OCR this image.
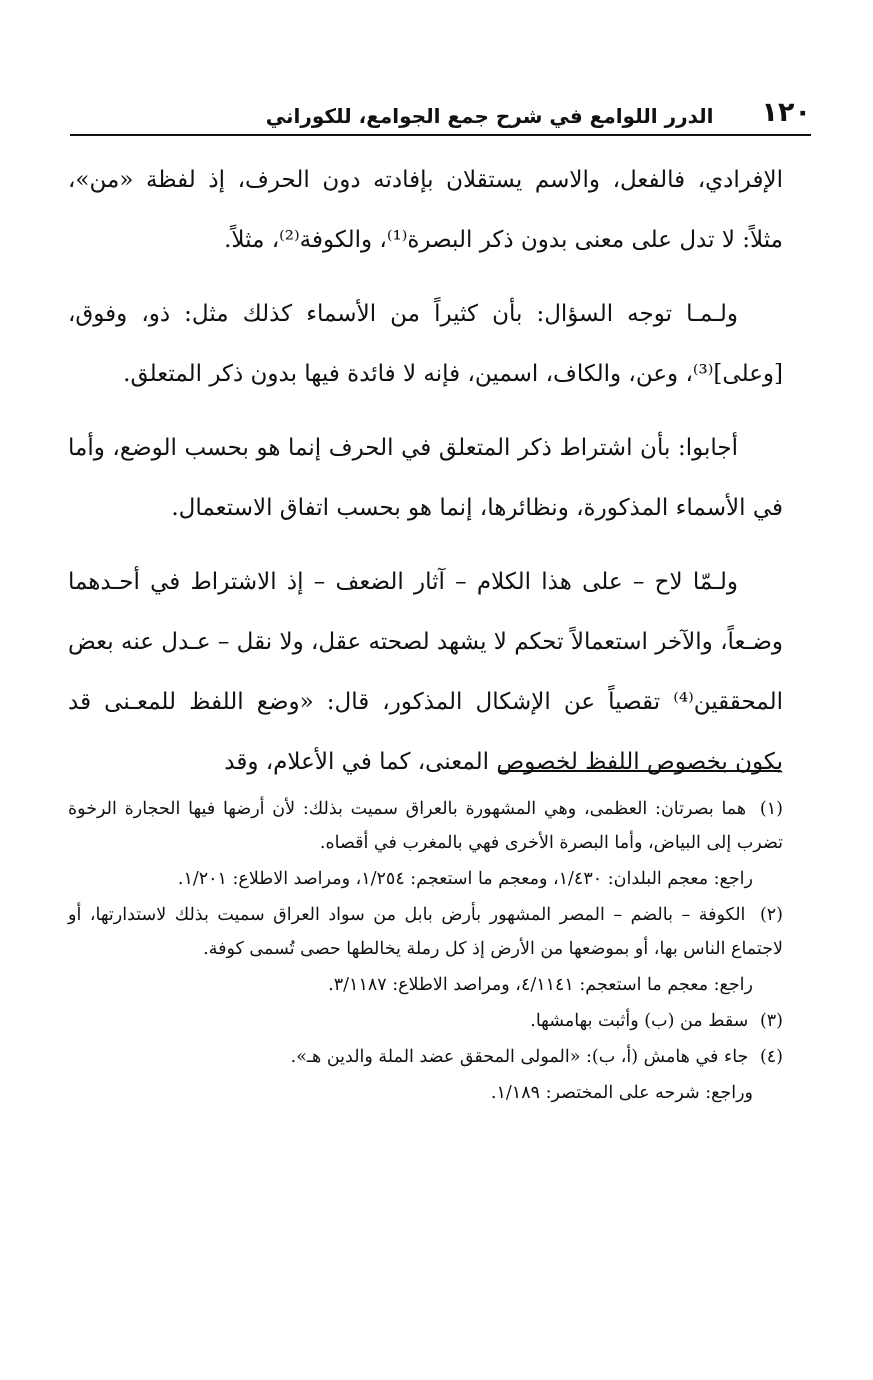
١٢٠
الدرر اللوامع في شرح جمع الجوامع، للكوراني

الإفرادي، فالفعل، والاسم يستقلان بإفادته دون الحرف، إذ لفظة «من»، مثلاً: لا تدل على معنى بدون ذكر البصرة⁽¹⁾، والكوفة⁽²⁾، مثلاً.

ولـمـا توجه السؤال: بأن كثيراً من الأسماء كذلك مثل: ذو، وفوق، [وعلى]⁽³⁾، وعن، والكاف، اسمين، فإنه لا فائدة فيها بدون ذكر المتعلق.

أجابوا: بأن اشتراط ذكر المتعلق في الحرف إنما هو بحسب الوضع، وأما في الأسماء المذكورة، ونظائرها، إنما هو بحسب اتفاق الاستعمال.

ولـمّا لاح – على هذا الكلام – آثار الضعف – إذ الاشتراط في أحـدهما وضـعاً، والآخر استعمالاً تحكم لا يشهد لصحته عقل، ولا نقل – عـدل عنه بعض المحققين⁽⁴⁾ تقصياً عن الإشكال المذكور، قال: «وضع اللفظ للمعـنى قد يكون بخصوص اللفظ لخصوص المعنى، كما في الأعلام، وقد

(١) هما بصرتان: العظمى، وهي المشهورة بالعراق سميت بذلك: لأن أرضها فيها الحجارة الرخوة تضرب إلى البياض، وأما البصرة الأخرى فهي بالمغرب في أقصاه.
راجع: معجم البلدان: ١/٤٣٠، ومعجم ما استعجم: ١/٢٥٤، ومراصد الاطلاع: ١/٢٠١.
(٢) الكوفة – بالضم – المصر المشهور بأرض بابل من سواد العراق سميت بذلك لاستدارتها، أو لاجتماع الناس بها، أو بموضعها من الأرض إذ كل رملة يخالطها حصى تُسمى كوفة.
راجع: معجم ما استعجم: ٤/١١٤١، ومراصد الاطلاع: ٣/١١٨٧.
(٣) سقط من (ب) وأثبت بهامشها.
(٤) جاء في هامش (أ، ب): «المولى المحقق عضد الملة والدين هـ».
وراجع: شرحه على المختصر: ١/١٨٩.
